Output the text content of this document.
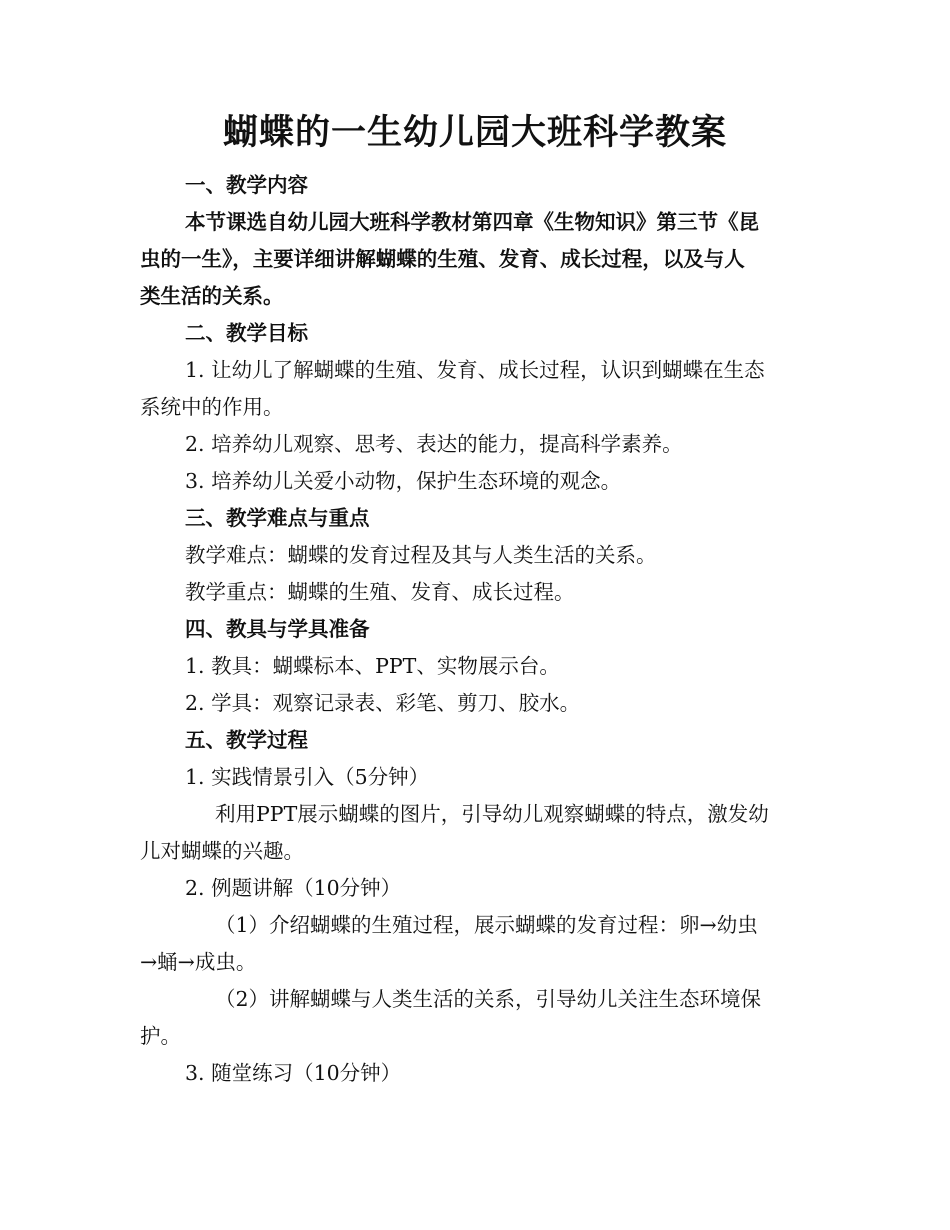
蝴蝶的一生幼儿园大班科学教案
一、教学内容
本节课选自幼儿园大班科学教材第四章《生物知识》第三节《昆
虫的一生》，主要详细讲解蝴蝶的生殖、发育、成长过程，以及与人
类生活的关系。
二、教学目标
1. 让幼儿了解蝴蝶的生殖、发育、成长过程，认识到蝴蝶在生态
系统中的作用。
2. 培养幼儿观察、思考、表达的能力，提高科学素养。
3. 培养幼儿关爱小动物，保护生态环境的观念。
三、教学难点与重点
教学难点：蝴蝶的发育过程及其与人类生活的关系。
教学重点：蝴蝶的生殖、发育、成长过程。
四、教具与学具准备
1. 教具：蝴蝶标本、PPT、实物展示台。
2. 学具：观察记录表、彩笔、剪刀、胶水。
五、教学过程
1. 实践情景引入（5分钟）
利用PPT展示蝴蝶的图片，引导幼儿观察蝴蝶的特点，激发幼
儿对蝴蝶的兴趣。
2. 例题讲解（10分钟）
（1）介绍蝴蝶的生殖过程，展示蝴蝶的发育过程：卵→幼虫
→蛹→成虫。
（2）讲解蝴蝶与人类生活的关系，引导幼儿关注生态环境保
护。
3. 随堂练习（10分钟）
